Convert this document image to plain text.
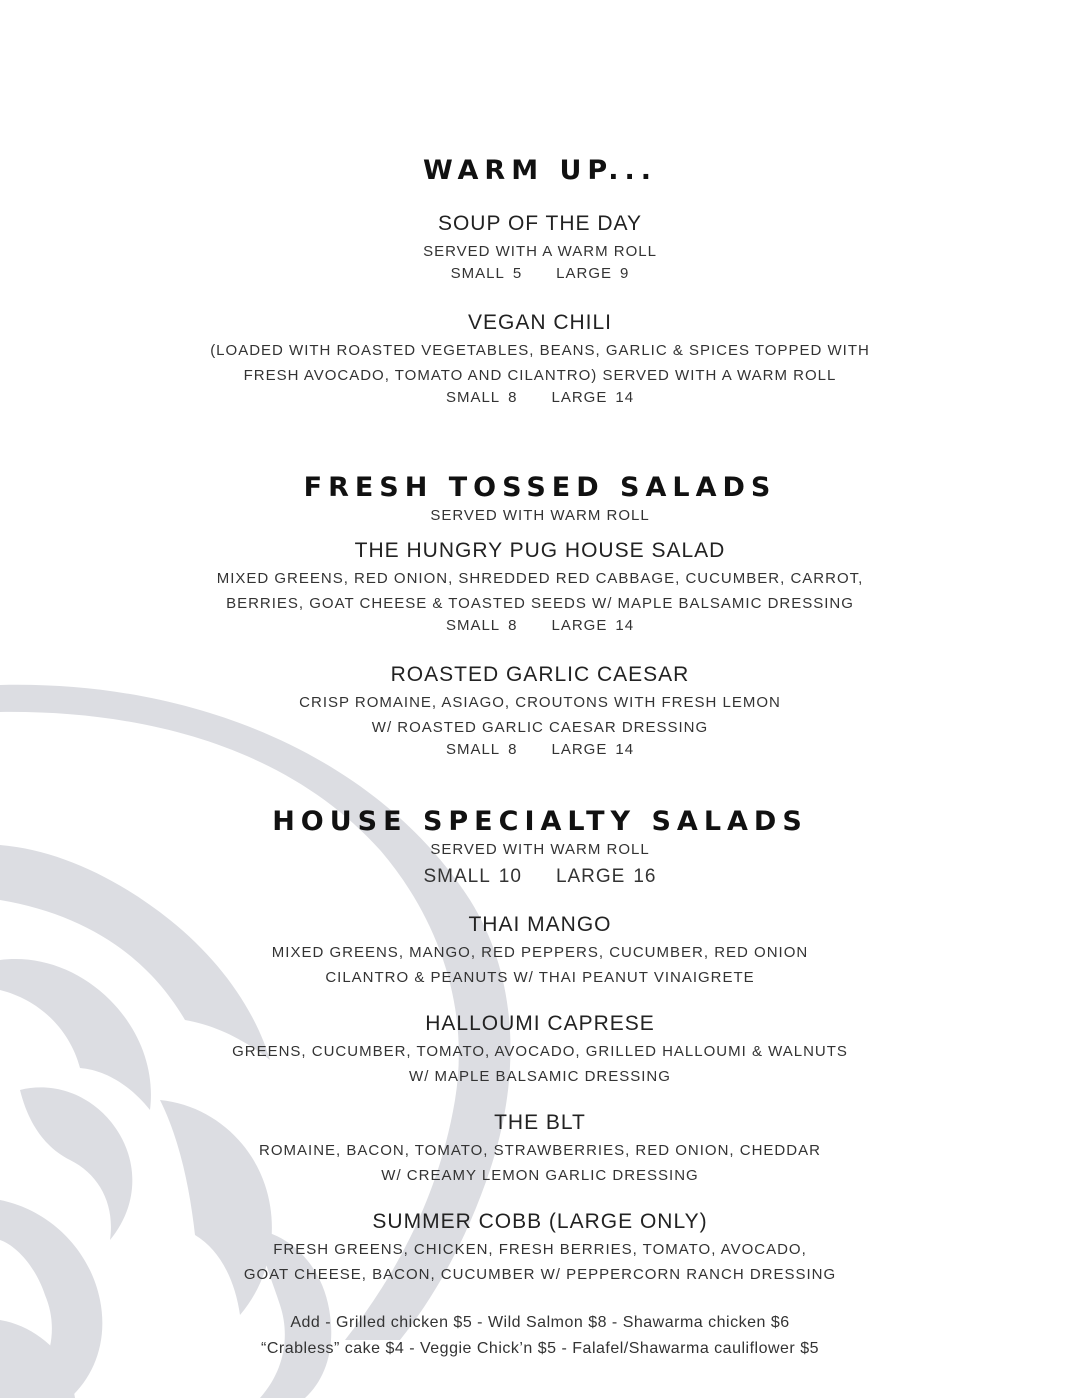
WARM UP...
SOUP OF THE DAY
SERVED WITH A WARM ROLL
SMALL 5 LARGE 9
VEGAN CHILI
(LOADED WITH ROASTED VEGETABLES, BEANS, GARLIC & SPICES TOPPED WITH
FRESH AVOCADO, TOMATO AND CILANTRO) SERVED WITH A WARM ROLL
SMALL 8 LARGE 14
FRESH TOSSED SALADS
SERVED WITH WARM ROLL
THE HUNGRY PUG HOUSE SALAD
MIXED GREENS, RED ONION, SHREDDED RED CABBAGE, CUCUMBER, CARROT,
BERRIES, GOAT CHEESE & TOASTED SEEDS W/ MAPLE BALSAMIC DRESSING
SMALL 8 LARGE 14
ROASTED GARLIC CAESAR
CRISP ROMAINE, ASIAGO, CROUTONS WITH FRESH LEMON
W/ ROASTED GARLIC CAESAR DRESSING
SMALL 8 LARGE 14
HOUSE SPECIALTY SALADS
SERVED WITH WARM ROLL
SMALL 10 LARGE 16
THAI MANGO
MIXED GREENS, MANGO, RED PEPPERS, CUCUMBER, RED ONION
CILANTRO & PEANUTS W/ THAI PEANUT VINAIGRETE
HALLOUMI CAPRESE
GREENS, CUCUMBER, TOMATO, AVOCADO, GRILLED HALLOUMI & WALNUTS
W/ MAPLE BALSAMIC DRESSING
THE BLT
ROMAINE, BACON, TOMATO, STRAWBERRIES, RED ONION, CHEDDAR
W/ CREAMY LEMON GARLIC DRESSING
SUMMER COBB (LARGE ONLY)
FRESH GREENS, CHICKEN, FRESH BERRIES, TOMATO, AVOCADO,
GOAT CHEESE, BACON, CUCUMBER W/ PEPPERCORN RANCH DRESSING
Add - Grilled chicken $5 - Wild Salmon $8 - Shawarma chicken $6
“Crabless” cake $4 - Veggie Chick’n $5 - Falafel/Shawarma cauliflower $5
